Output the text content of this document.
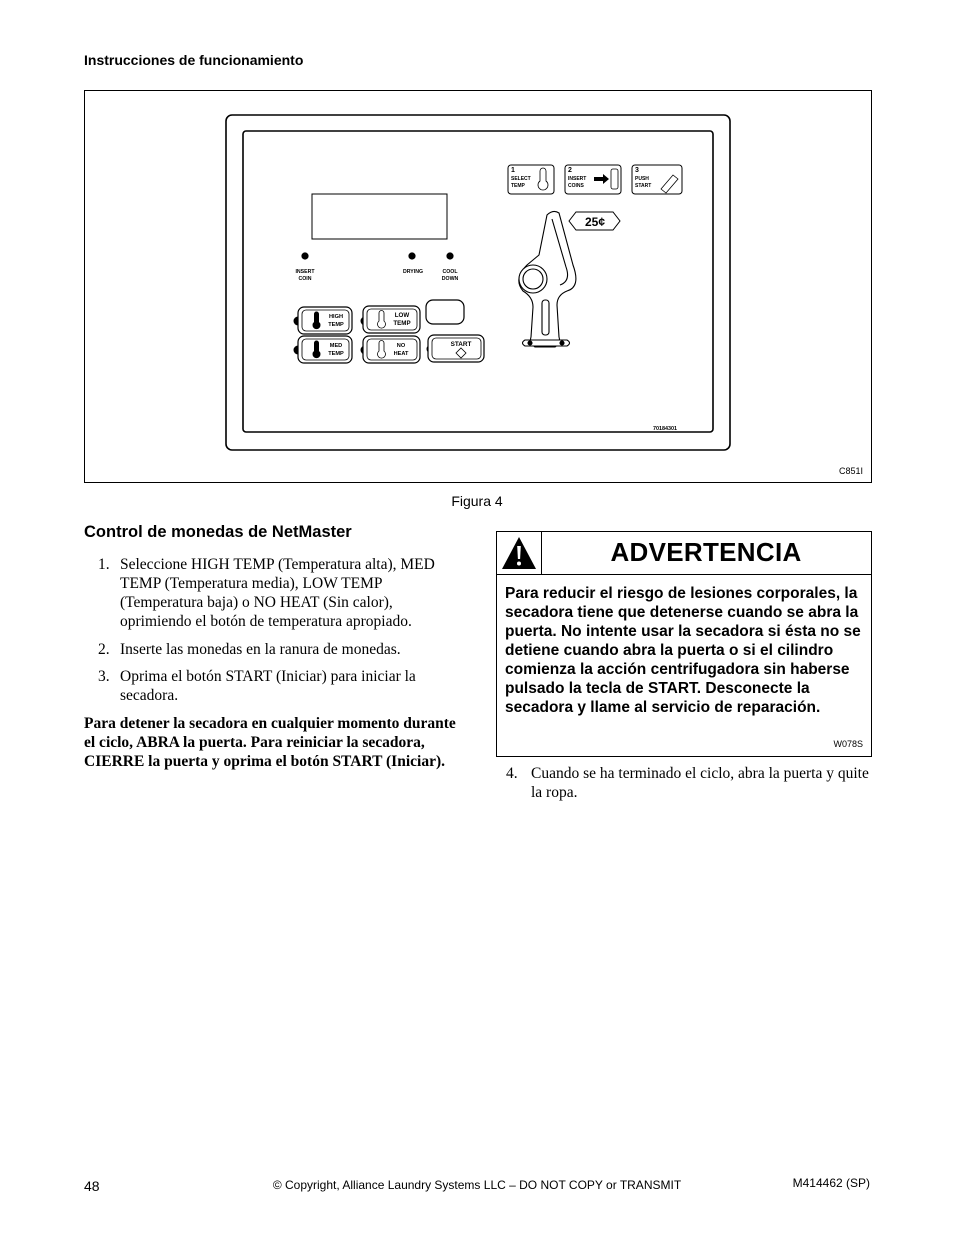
Instrucciones de funcionamiento
INSERT
COIN
DRYING	COOL
DOWN
1
SELECT
TEMP
2
INSERT
COINS
3
PUSH
START
25¢
HIGH
TEMP
LOW
TEMP
MED
TEMP
NO
HEAT
START
70184301
C851I
Figura 4
Control de monedas de NetMaster
1. Seleccione HIGH TEMP (Temperatura alta), MED TEMP (Temperatura media), LOW TEMP (Temperatura baja) o NO HEAT (Sin calor), oprimiendo el botón de temperatura apropiado.
2. Inserte las monedas en la ranura de monedas.
3. Oprima el botón START (Iniciar) para iniciar la secadora.
Para detener la secadora en cualquier momento durante el ciclo, ABRA la puerta. Para reiniciar la secadora, CIERRE la puerta y oprima el botón START (Iniciar).
ADVERTENCIA
Para reducir el riesgo de lesiones corporales, la secadora tiene que detenerse cuando se abra la puerta. No intente usar la secadora si ésta no se detiene cuando abra la puerta o si el cilindro comienza la acción centrifugadora sin haberse pulsado la tecla de START. Desconecte la secadora y llame al servicio de reparación.
W078S
4. Cuando se ha terminado el ciclo, abra la puerta y quite la ropa.
48	© Copyright, Alliance Laundry Systems LLC – DO NOT COPY or TRANSMIT	M414462 (SP)
